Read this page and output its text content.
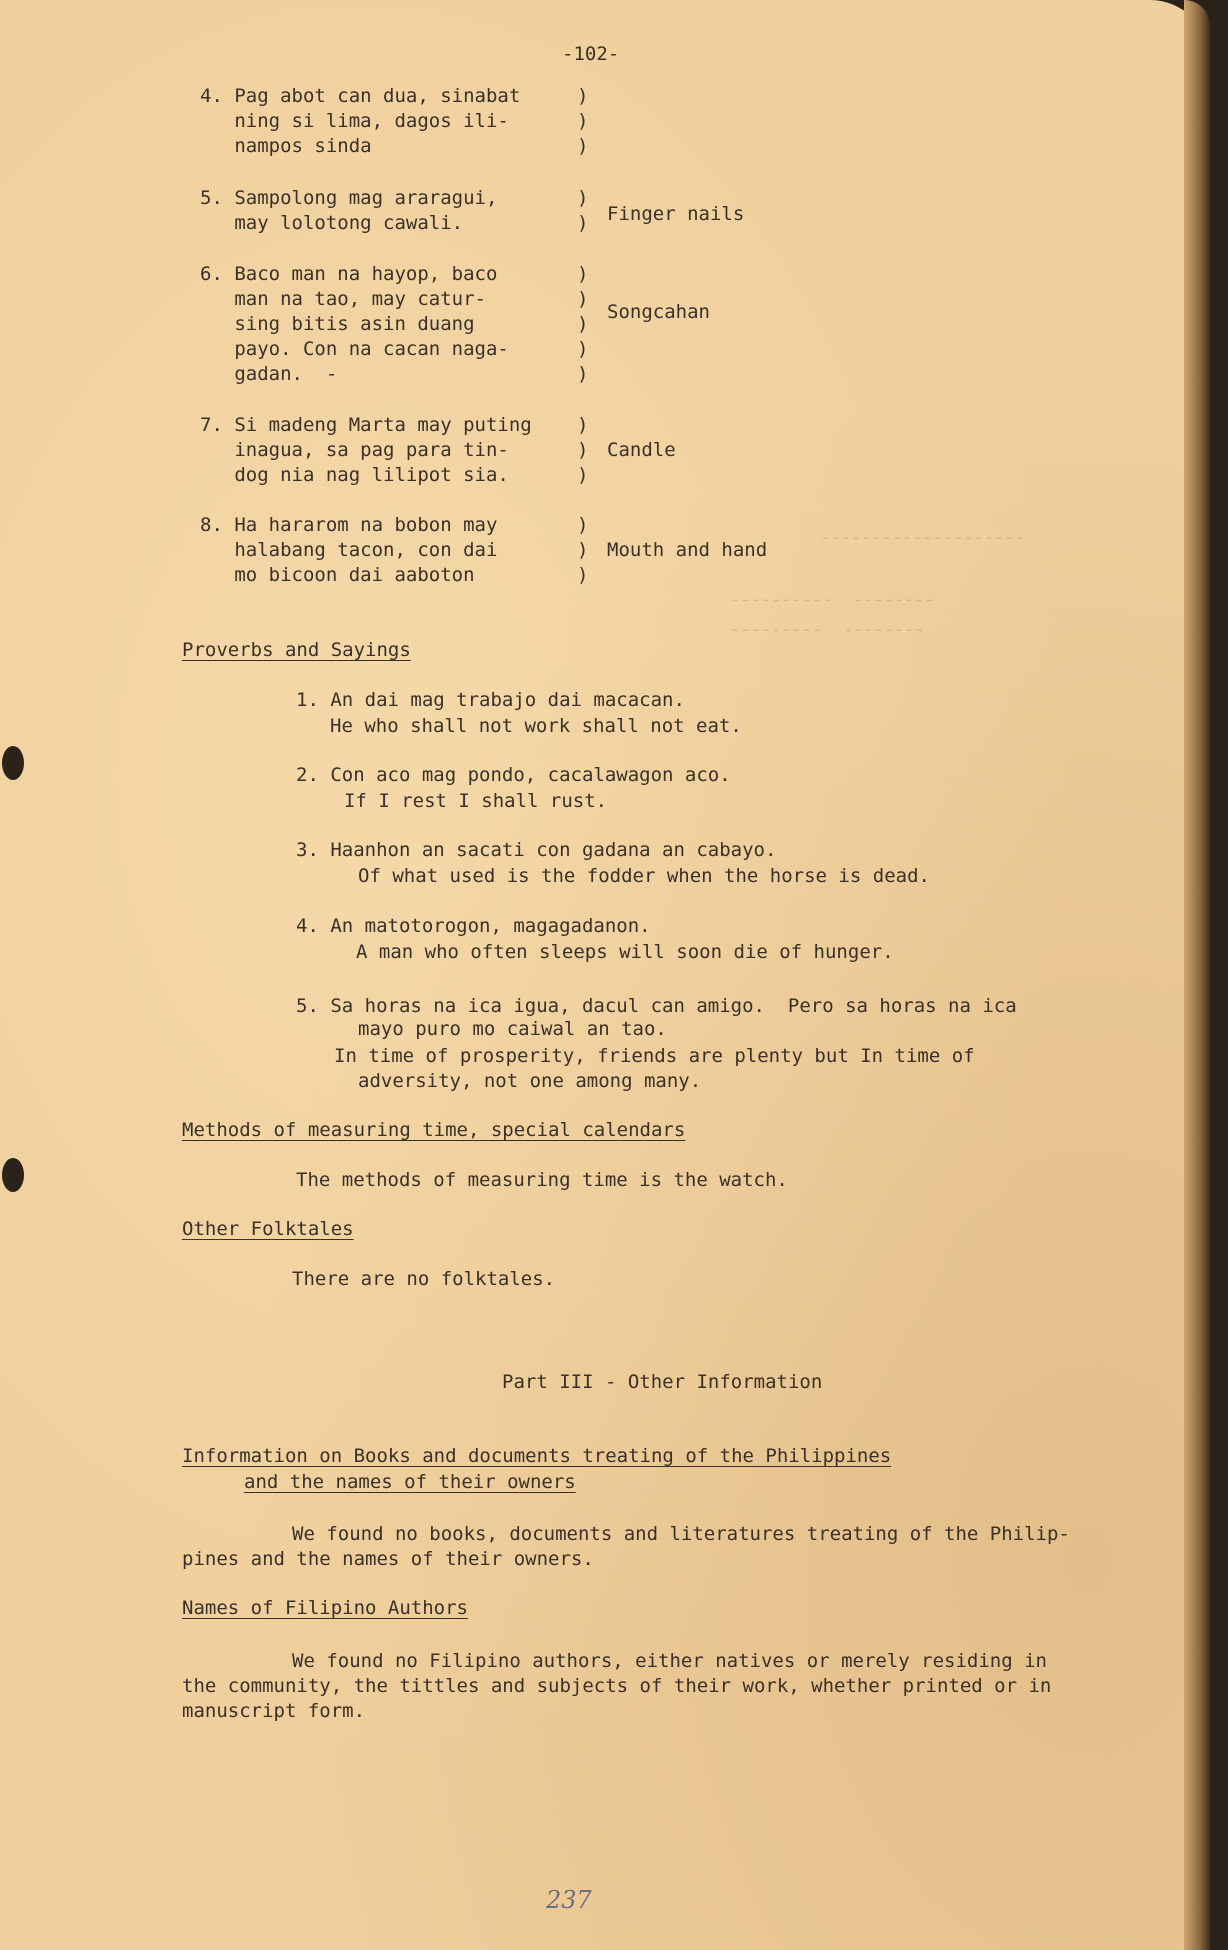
--------------------
----------  --------
---------  --------
-102-
4. Pag abot can dua, sinabat
ning si lima, dagos ili-
nampos sinda
)
)
)
5. Sampolong mag araragui,
may lolotong cawali.
)
) Finger nails
6. Baco man na hayop, baco
man na tao, may catur-
sing bitis asin duang
payo. Con na cacan naga-
gadan.  -
)
)
)
)
)
Songcahan
7. Si madeng Marta may puting
inagua, sa pag para tin-
dog nia nag lilipot sia.
)
)
)
Candle
8. Ha hararom na bobon may
halabang tacon, con dai
mo bicoon dai aaboton
)
)
)
Mouth and hand
Proverbs and Sayings
1. An dai mag trabajo dai macacan.
He who shall not work shall not eat.
2. Con aco mag pondo, cacalawagon aco.
If I rest I shall rust.
3. Haanhon an sacati con gadana an cabayo.
Of what used is the fodder when the horse is dead.
4. An matotorogon, magagadanon.
A man who often sleeps will soon die of hunger.
5. Sa horas na ica igua, dacul can amigo.  Pero sa horas na ica
mayo puro mo caiwal an tao.
In time of prosperity, friends are plenty but In time of
adversity, not one among many.
Methods of measuring time, special calendars
The methods of measuring time is the watch.
Other Folktales
There are no folktales.
Part III - Other Information
Information on Books and documents treating of the Philippines
and the names of their owners
We found no books, documents and literatures treating of the Philip-
pines and the names of their owners.
Names of Filipino Authors
We found no Filipino authors, either natives or merely residing in
the community, the tittles and subjects of their work, whether printed or in
manuscript form.
237
